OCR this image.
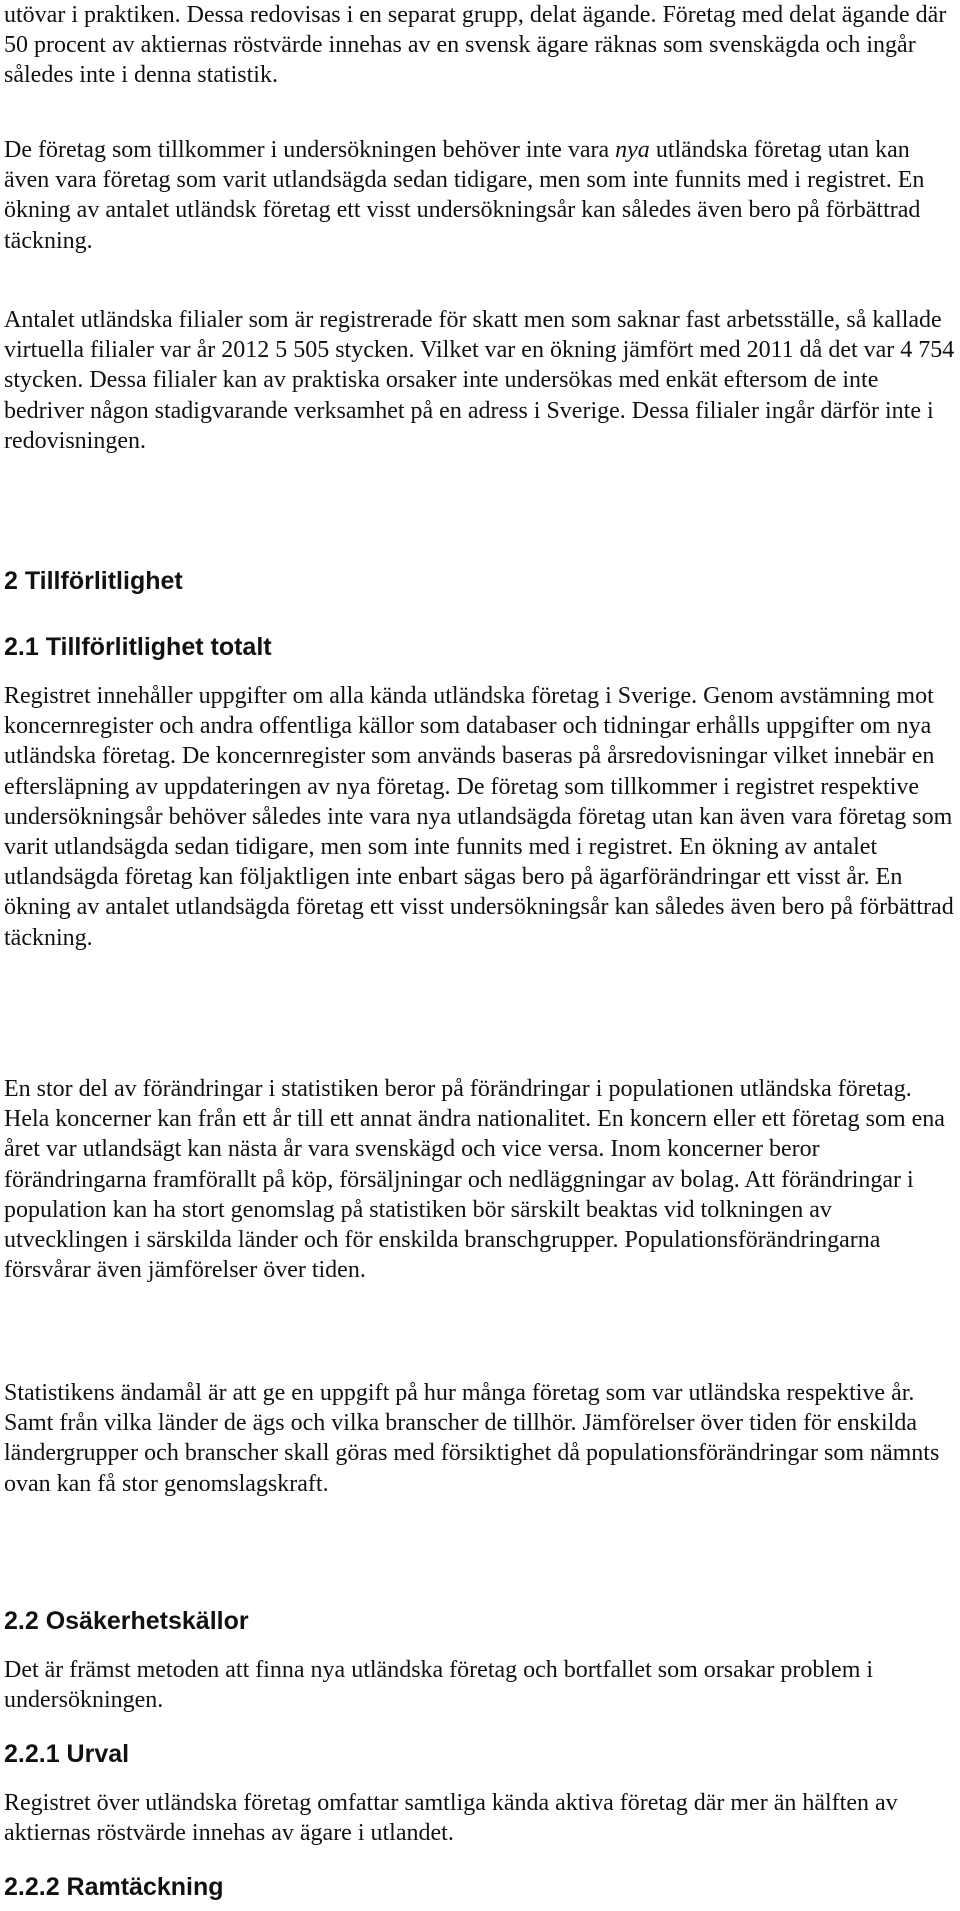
utövar i praktiken. Dessa redovisas i en separat grupp, delat ägande. Företag med delat ägande där 50 procent av aktiernas röstvärde innehas av en svensk ägare räknas som svenskägda och ingår således inte i denna statistik.

De företag som tillkommer i undersökningen behöver inte vara nya utländska företag utan kan även vara företag som varit utlandsägda sedan tidigare, men som inte funnits med i registret. En ökning av antalet utländsk företag ett visst undersökningsår kan således även bero på förbättrad täckning.

Antalet utländska filialer som är registrerade för skatt men som saknar fast arbetsställe, så kallade virtuella filialer var år 2012 5 505 stycken. Vilket var en ökning jämfört med 2011 då det var 4 754 stycken. Dessa filialer kan av praktiska orsaker inte undersökas med enkät eftersom de inte bedriver någon stadigvarande verksamhet på en adress i Sverige. Dessa filialer ingår därför inte i redovisningen.

2 Tillförlitlighet
2.1 Tillförlitlighet totalt

Registret innehåller uppgifter om alla kända utländska företag i Sverige. Genom avstämning mot koncernregister och andra offentliga källor som databaser och tidningar erhålls uppgifter om nya utländska företag. De koncernregister som används baseras på årsredovisningar vilket innebär en eftersläpning av uppdateringen av nya företag. De företag som tillkommer i registret respektive undersökningsår behöver således inte vara nya utlandsägda företag utan kan även vara företag som varit utlandsägda sedan tidigare, men som inte funnits med i registret. En ökning av antalet utlandsägda företag kan följaktligen inte enbart sägas bero på ägarförändringar ett visst år. En ökning av antalet utlandsägda företag ett visst undersökningsår kan således även bero på förbättrad täckning.

En stor del av förändringar i statistiken beror på förändringar i populationen utländska företag. Hela koncerner kan från ett år till ett annat ändra nationalitet. En koncern eller ett företag som ena året var utlandsägt kan nästa år vara svenskägd och vice versa. Inom koncerner beror förändringarna framförallt på köp, försäljningar och nedläggningar av bolag. Att förändringar i population kan ha stort genomslag på statistiken bör särskilt beaktas vid tolkningen av utvecklingen i särskilda länder och för enskilda branschgrupper. Populationsförändringarna försvårar även jämförelser över tiden.

Statistikens ändamål är att ge en uppgift på hur många företag som var utländska respektive år. Samt från vilka länder de ägs och vilka branscher de tillhör. Jämförelser över tiden för enskilda ländergrupper och branscher skall göras med försiktighet då populationsförändringar som nämnts ovan kan få stor genomslagskraft.

2.2 Osäkerhetskällor

Det är främst metoden att finna nya utländska företag och bortfallet som orsakar problem i undersökningen.

2.2.1 Urval

Registret över utländska företag omfattar samtliga kända aktiva företag där mer än hälften av aktiernas röstvärde innehas av ägare i utlandet.

2.2.2 Ramtäckning
